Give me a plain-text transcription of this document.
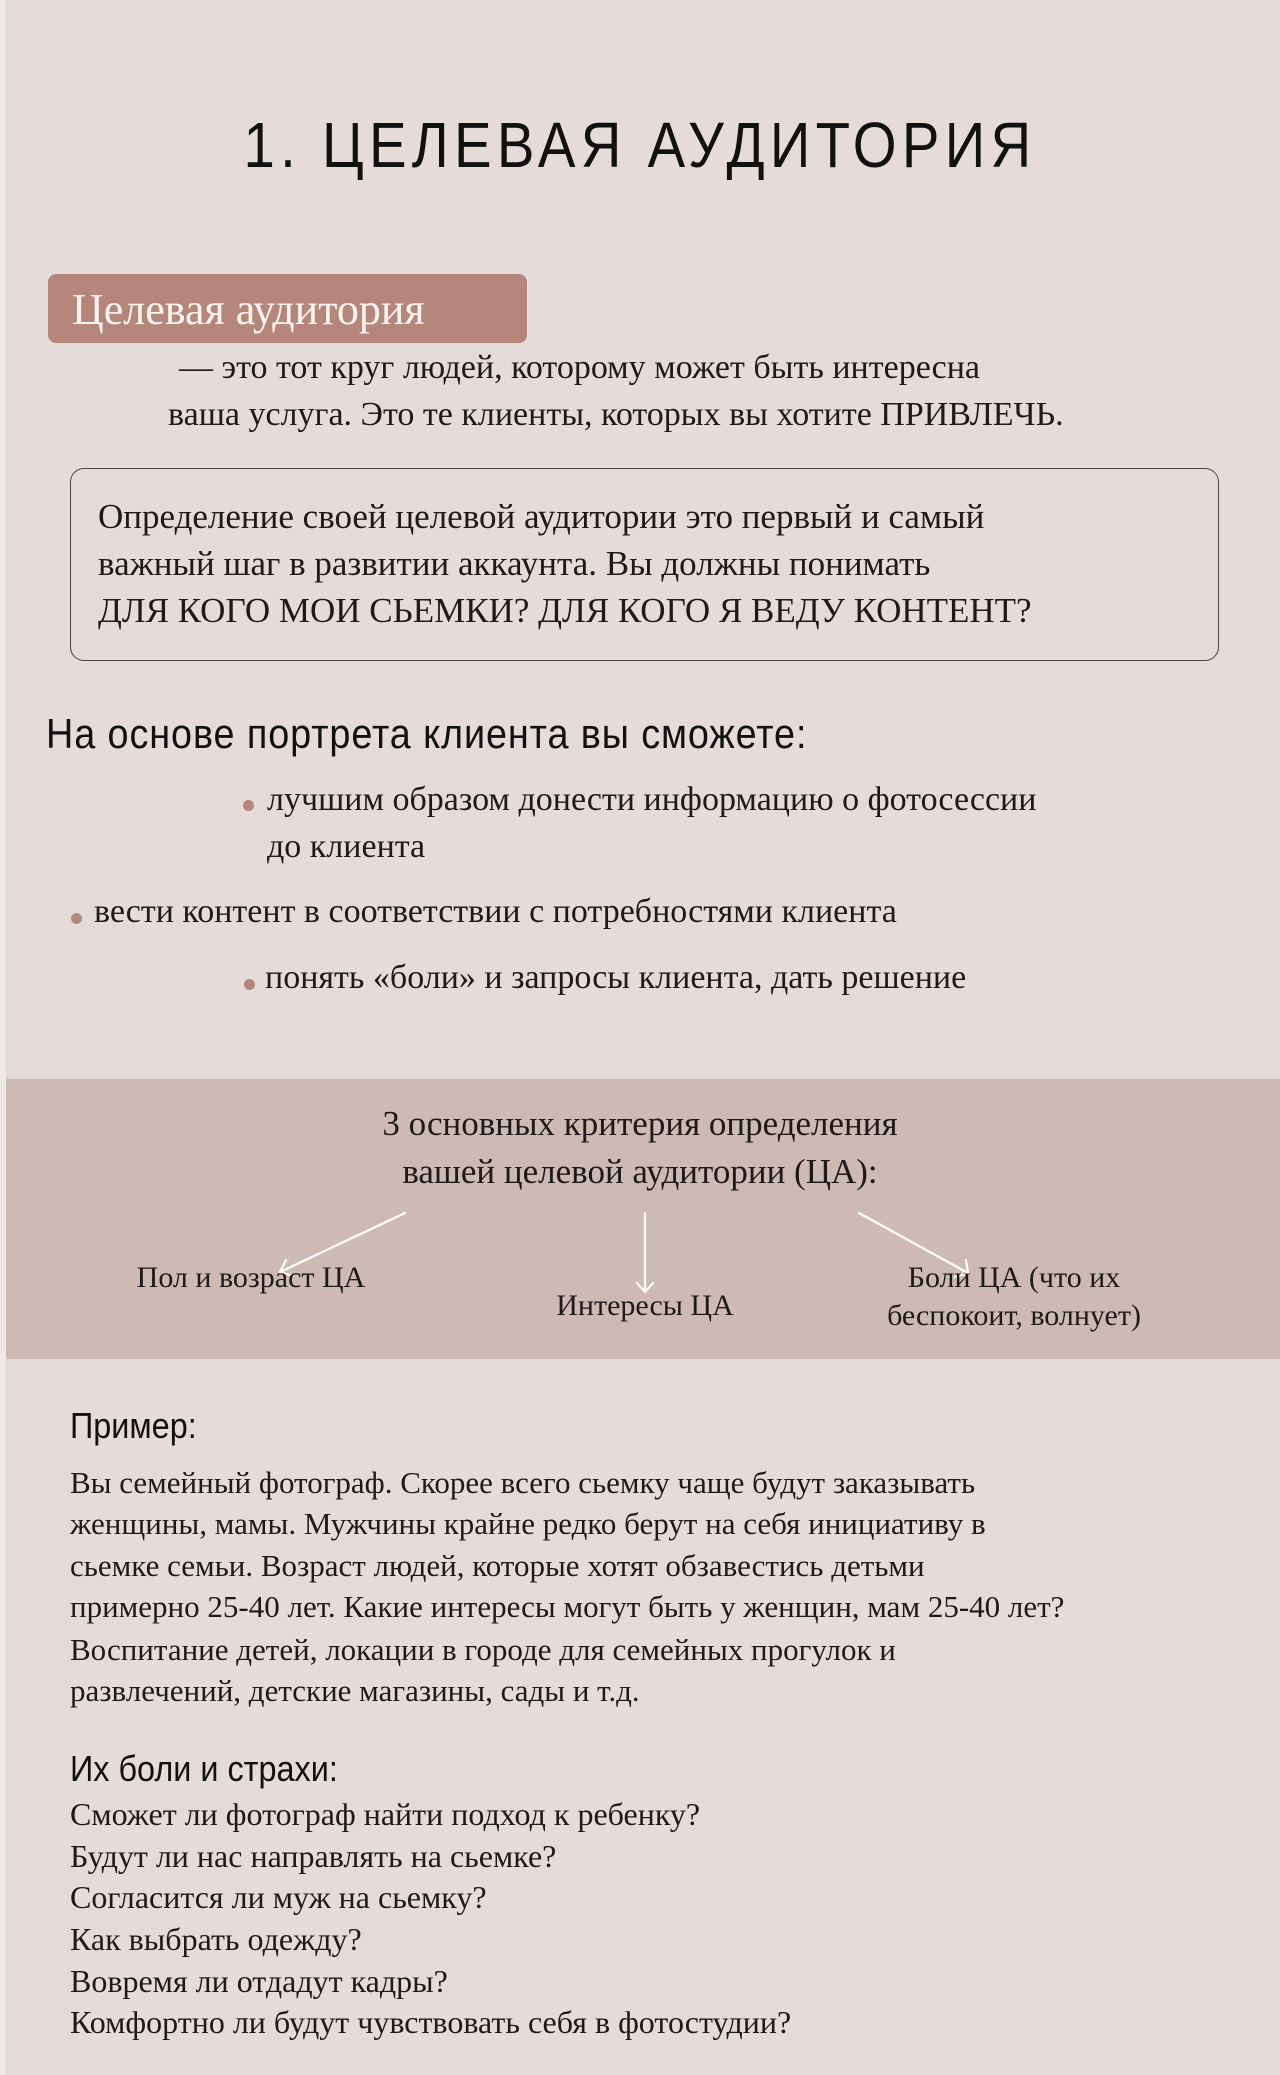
1. ЦЕЛЕВАЯ АУДИТОРИЯ
Целевая аудитория
— это тот круг людей, которому может быть интересна
ваша услуга. Это те клиенты, которых вы хотите ПРИВЛЕЧЬ.
Определение своей целевой аудитории это первый и самый
важный шаг в развитии аккаунта. Вы должны понимать
ДЛЯ КОГО МОИ СЬЕМКИ? ДЛЯ КОГО Я ВЕДУ КОНТЕНТ?
На основе портрета клиента вы сможете:
лучшим образом донести информацию о фотосессии
до клиента
вести контент в соответствии с потребностями клиента
понять «боли» и запросы клиента, дать решение
3 основных критерия определения
вашей целевой аудитории (ЦА):
Пол и возраст ЦА
Интересы ЦА
Боли ЦА (что их
беспокоит, волнует)
Пример:
Вы семейный фотограф. Скорее всего сьемку чаще будут заказывать
женщины, мамы. Мужчины крайне редко берут на себя инициативу в
сьемке семьи. Возраст людей, которые хотят обзавестись детьми
примерно 25-40 лет. Какие интересы могут быть у женщин, мам 25-40 лет?
Воспитание детей, локации в городе для семейных прогулок и
развлечений, детские магазины, сады и т.д.
Их боли и страхи:
Сможет ли фотограф найти подход к ребенку?
Будут ли нас направлять на сьемке?
Согласится ли муж на сьемку?
Как выбрать одежду?
Вовремя ли отдадут кадры?
Комфортно ли будут чувствовать себя в фотостудии?
